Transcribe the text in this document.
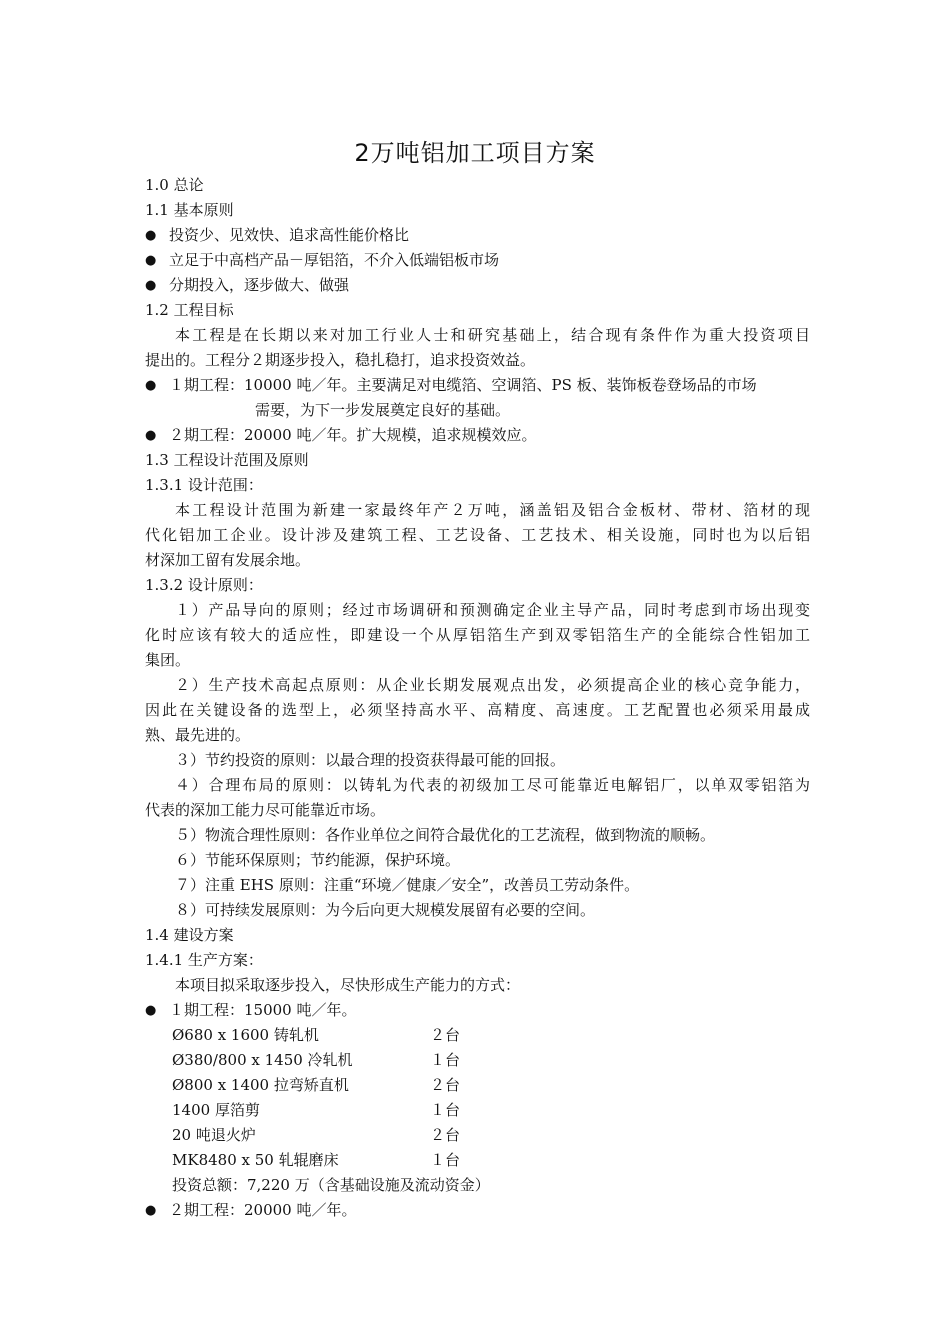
2万吨铝加工项目方案
1.0 总论
1.1 基本原则
● 投资少、见效快、追求高性能价格比
● 立足于中高档产品－厚铝箔，不介入低端铝板市场
● 分期投入，逐步做大、做强
1.2 工程目标
本工程是在长期以来对加工行业人士和研究基础上，结合现有条件作为重大投资项目
提出的。工程分２期逐步投入，稳扎稳打，追求投资效益。
● １期工程：10000 吨／年。主要满足对电缆箔、空调箔、PS 板、装饰板卷登场品的市场
需要，为下一步发展奠定良好的基础。
● ２期工程：20000 吨／年。扩大规模，追求规模效应。
1.3 工程设计范围及原则
1.3.1 设计范围：
本工程设计范围为新建一家最终年产２万吨，涵盖铝及铝合金板材、带材、箔材的现
代化铝加工企业。设计涉及建筑工程、工艺设备、工艺技术、相关设施，同时也为以后铝
材深加工留有发展余地。
1.3.2 设计原则：
１）产品导向的原则；经过市场调研和预测确定企业主导产品，同时考虑到市场出现变
化时应该有较大的适应性，即建设一个从厚铝箔生产到双零铝箔生产的全能综合性铝加工
集团。
２）生产技术高起点原则：从企业长期发展观点出发，必须提高企业的核心竞争能力，
因此在关键设备的选型上，必须坚持高水平、高精度、高速度。工艺配置也必须采用最成
熟、最先进的。
３）节约投资的原则：以最合理的投资获得最可能的回报。
４）合理布局的原则：以铸轧为代表的初级加工尽可能靠近电解铝厂，以单双零铝箔为
代表的深加工能力尽可能靠近市场。
５）物流合理性原则：各作业单位之间符合最优化的工艺流程，做到物流的顺畅。
６）节能环保原则；节约能源，保护环境。
７）注重 EHS 原则：注重“环境／健康／安全”，改善员工劳动条件。
８）可持续发展原则：为今后向更大规模发展留有必要的空间。
1.4 建设方案
1.4.1 生产方案：
本项目拟采取逐步投入，尽快形成生产能力的方式：
● １期工程：15000 吨／年。
Ø680 x 1600 铸轧机	２台
Ø380/800 x 1450 冷轧机	１台
Ø800 x 1400 拉弯矫直机	２台
1400 厚箔剪	１台
20 吨退火炉	２台
MK8480 x 50 轧辊磨床	１台
投资总额：7,220 万（含基础设施及流动资金）
● ２期工程：20000 吨／年。
